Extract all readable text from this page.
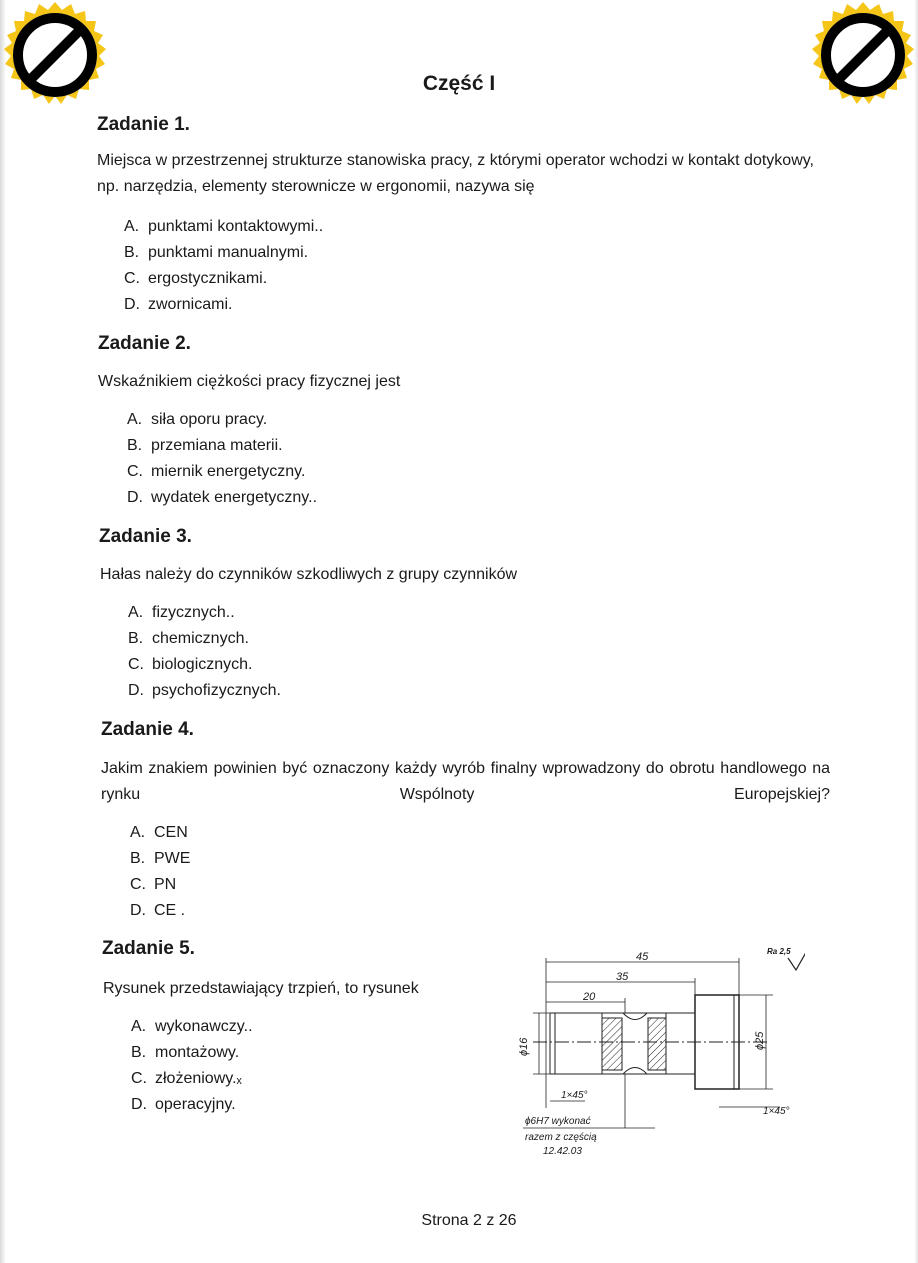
Część I
Zadanie 1.
Miejsca w przestrzennej strukturze stanowiska pracy, z którymi operator wchodzi w kontakt dotykowy, np. narzędzia, elementy sterownicze w ergonomii, nazywa się
A. punktami kontaktowymi..
B. punktami manualnymi.
C. ergostycznikami.
D. zwornicami.
Zadanie 2.
Wskaźnikiem ciężkości pracy fizycznej jest
A. siła oporu pracy.
B. przemiana materii.
C. miernik energetyczny.
D. wydatek energetyczny..
Zadanie 3.
Hałas należy do czynników szkodliwych z grupy czynników
A. fizycznych..
B. chemicznych.
C. biologicznych.
D. psychofizycznych.
Zadanie 4.
Jakim znakiem powinien być oznaczony każdy wyrób finalny wprowadzony do obrotu handlowego na rynku Wspólnoty Europejskiej?
A. CEN
B. PWE
C. PN
D. CE .
Zadanie 5.
Rysunek przedstawiający trzpień, to rysunek
A. wykonawczy..
B. montażowy.
C. złożeniowy.ₓ
D. operacyjny.
45
35
20
ϕ16	ϕ25
1×45°
1×45°
ϕ6H7 wykonać
razem z częścią
12.42.03
Ra 2,5
Strona 2 z 26
